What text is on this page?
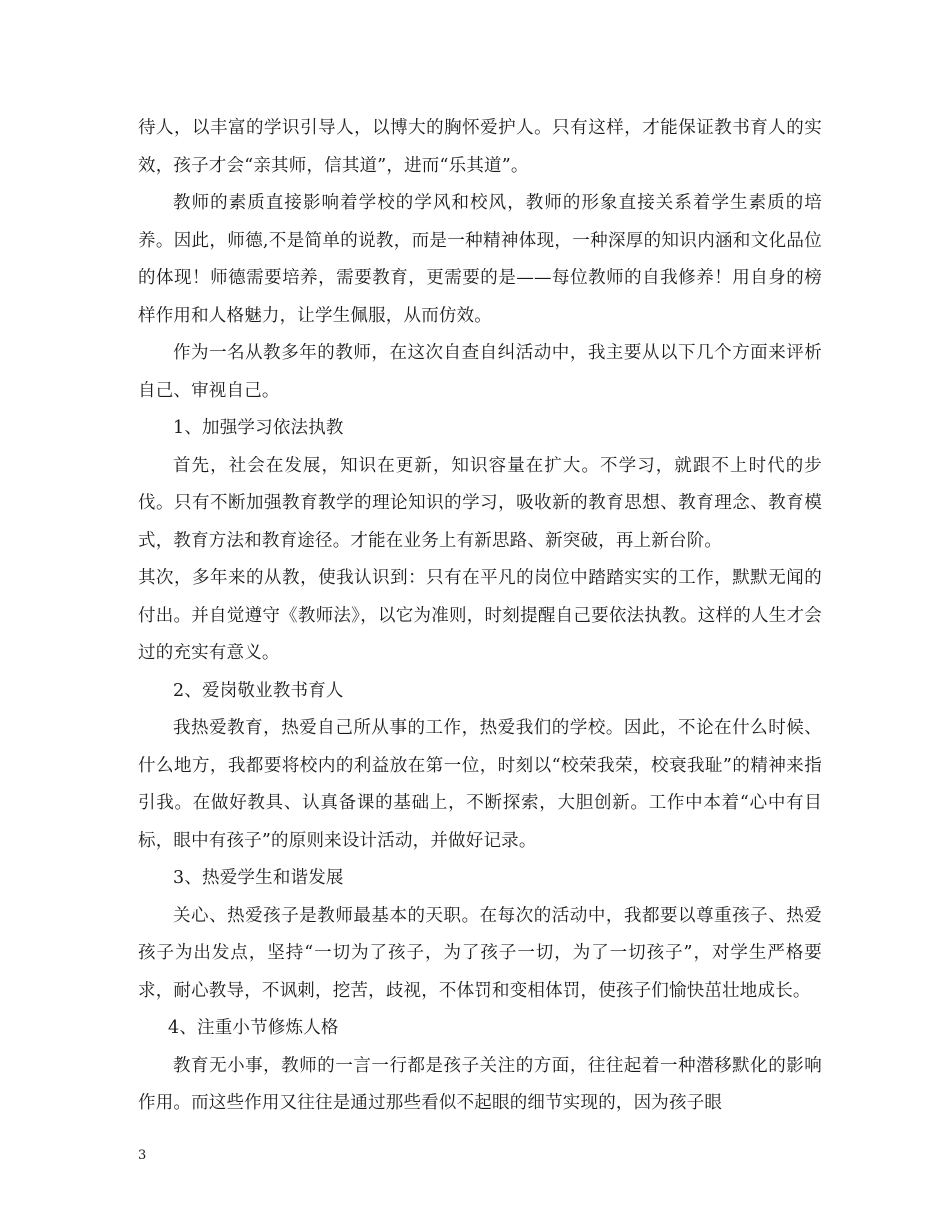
待人，以丰富的学识引导人，以博大的胸怀爱护人。只有这样，才能保证教书育人的实效，孩子才会“亲其师，信其道”，进而“乐其道”。

教师的素质直接影响着学校的学风和校风，教师的形象直接关系着学生素质的培养。因此，师德,不是简单的说教，而是一种精神体现，一种深厚的知识内涵和文化品位的体现！师德需要培养，需要教育，更需要的是——每位教师的自我修养！用自身的榜样作用和人格魅力，让学生佩服，从而仿效。

作为一名从教多年的教师，在这次自查自纠活动中，我主要从以下几个方面来评析自己、审视自己。

1、加强学习依法执教

首先，社会在发展，知识在更新，知识容量在扩大。不学习，就跟不上时代的步伐。只有不断加强教育教学的理论知识的学习，吸收新的教育思想、教育理念、教育模式，教育方法和教育途径。才能在业务上有新思路、新突破，再上新台阶。

其次，多年来的从教，使我认识到：只有在平凡的岗位中踏踏实实的工作，默默无闻的付出。并自觉遵守《教师法》，以它为准则，时刻提醒自己要依法执教。这样的人生才会过的充实有意义。

2、爱岗敬业教书育人

我热爱教育，热爱自己所从事的工作，热爱我们的学校。因此，不论在什么时候、什么地方，我都要将校内的利益放在第一位，时刻以“校荣我荣，校衰我耻”的精神来指引我。在做好教具、认真备课的基础上，不断探索，大胆创新。工作中本着“心中有目标，眼中有孩子”的原则来设计活动，并做好记录。

3、热爱学生和谐发展

关心、热爱孩子是教师最基本的天职。在每次的活动中，我都要以尊重孩子、热爱孩子为出发点，坚持“一切为了孩子，为了孩子一切，为了一切孩子”，对学生严格要求，耐心教导，不讽刺，挖苦，歧视，不体罚和变相体罚，使孩子们愉快茁壮地成长。

4、注重小节修炼人格

教育无小事，教师的一言一行都是孩子关注的方面，往往起着一种潜移默化的影响作用。而这些作用又往往是通过那些看似不起眼的细节实现的，因为孩子眼

3
